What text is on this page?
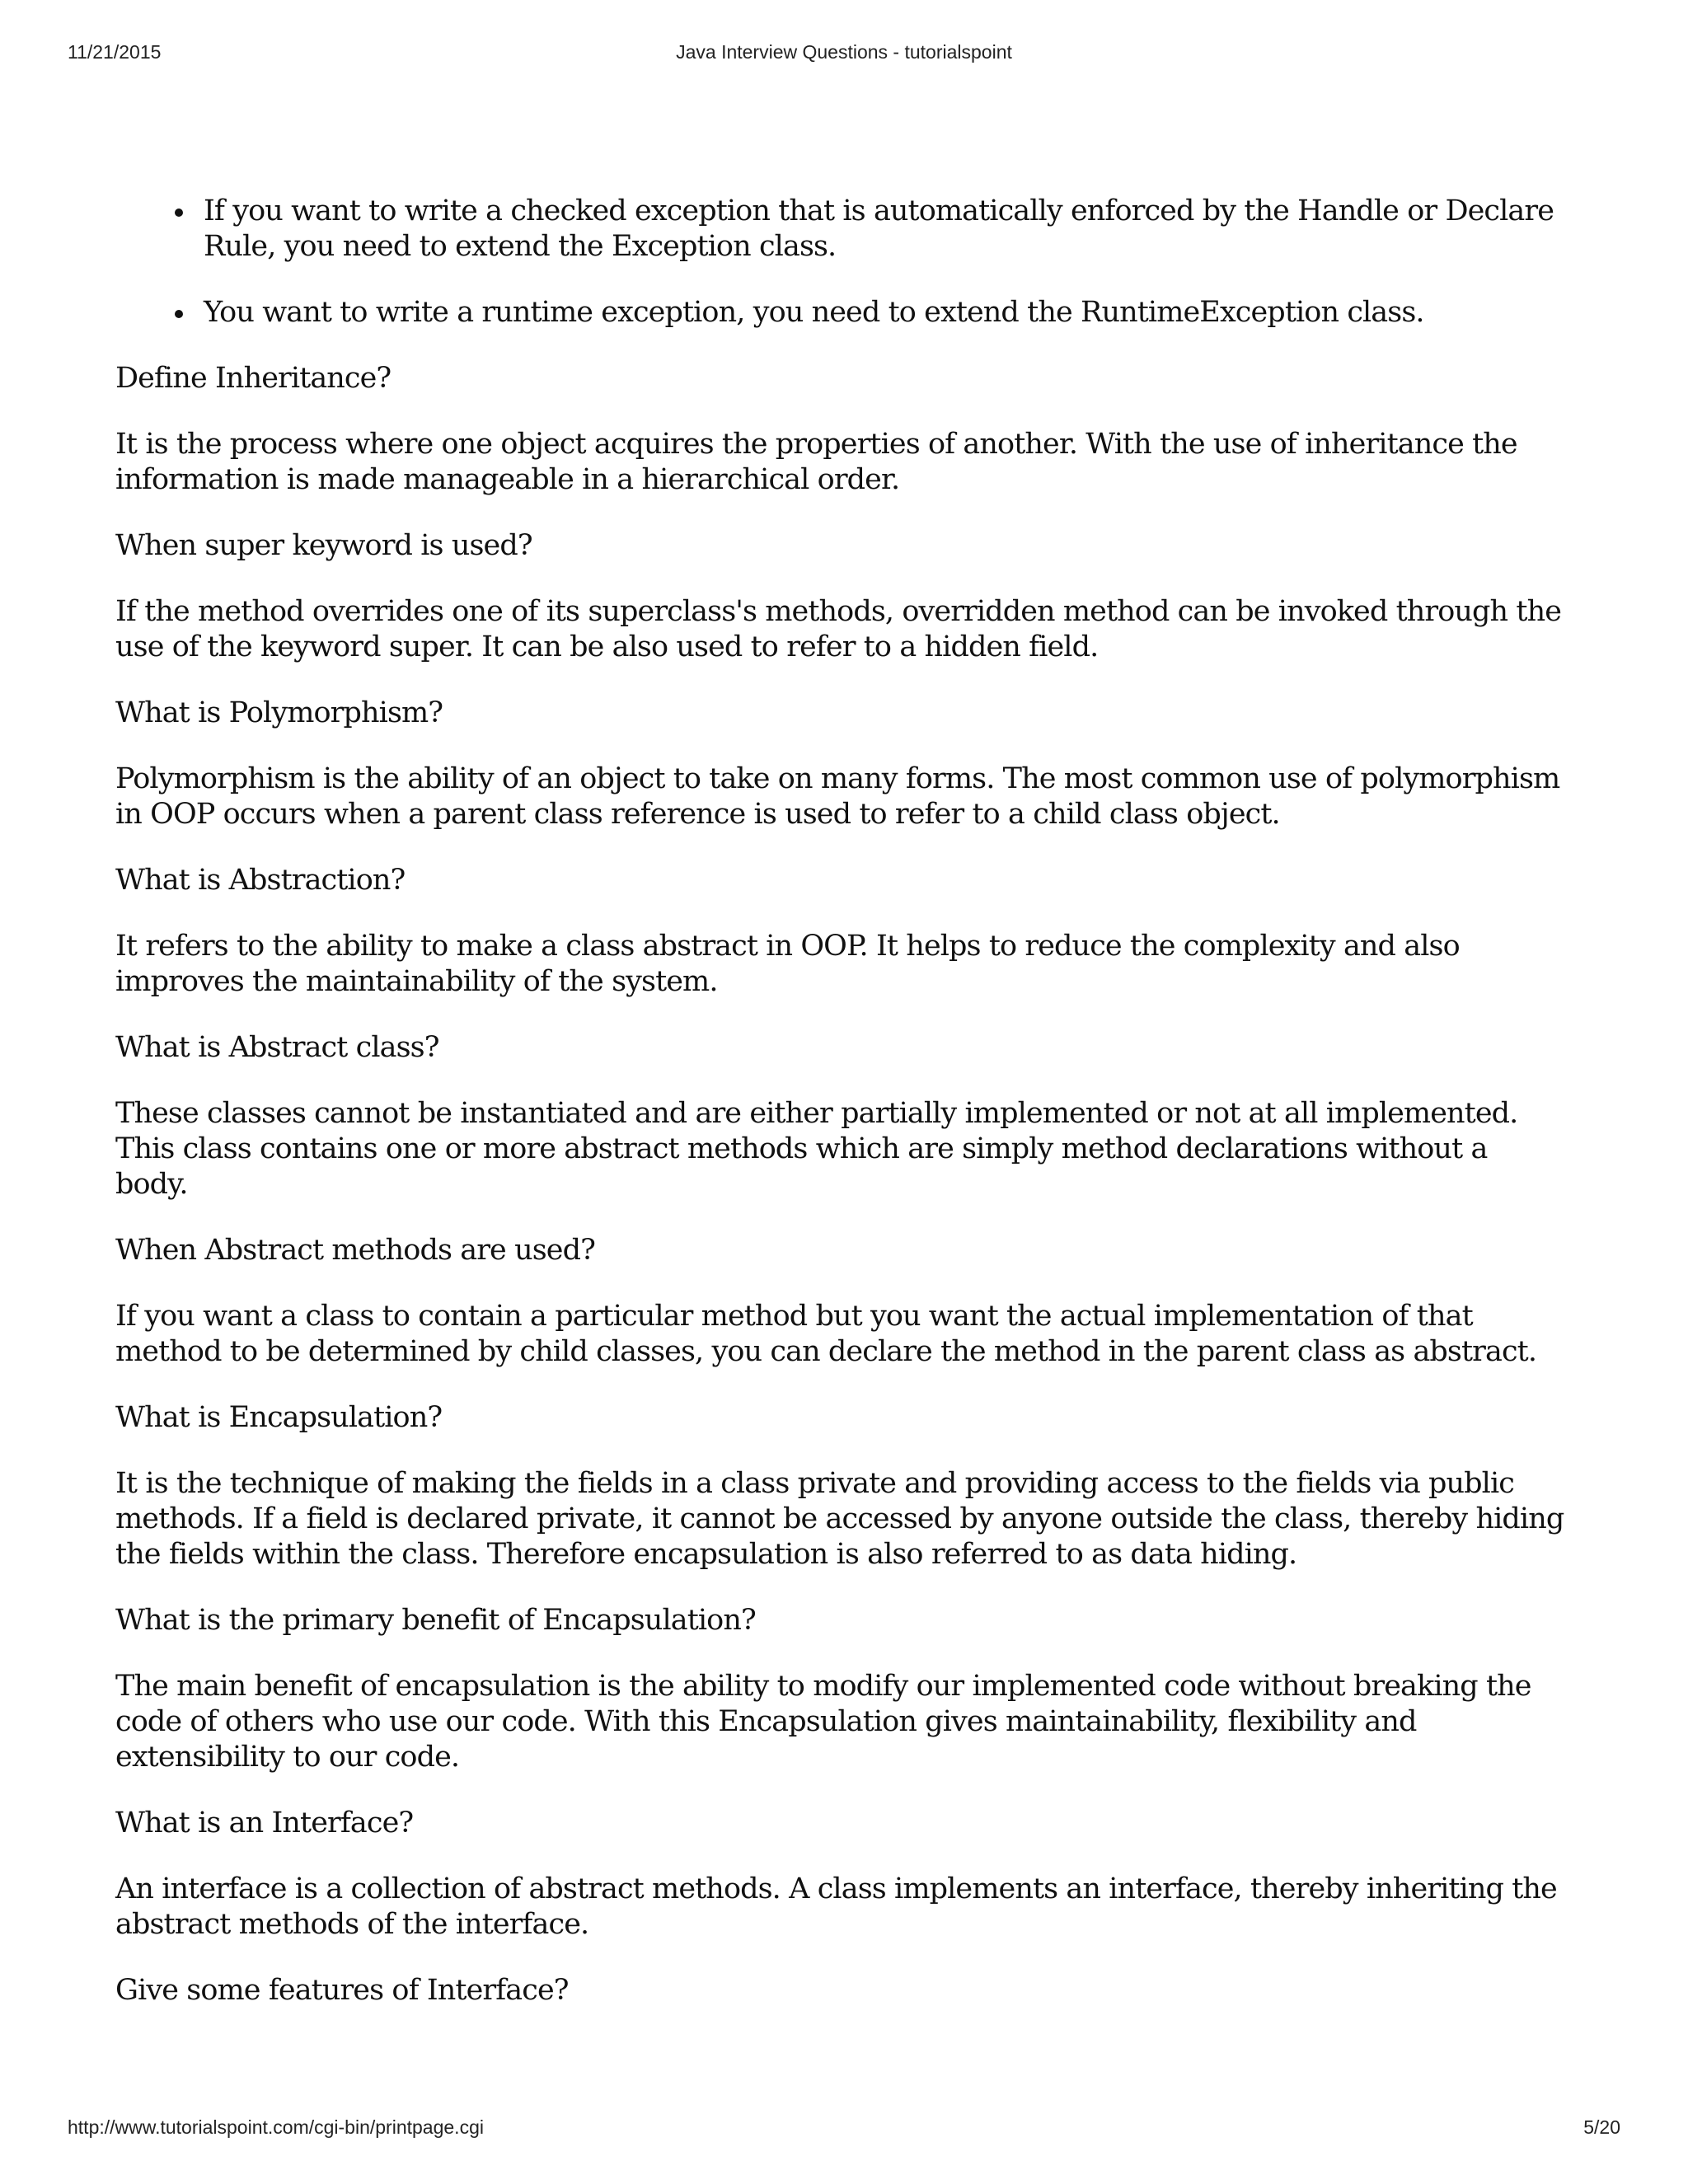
11/21/2015	Java Interview Questions - tutorialspoint
If you want to write a checked exception that is automatically enforced by the Handle or Declare Rule, you need to extend the Exception class.
You want to write a runtime exception, you need to extend the RuntimeException class.

Define Inheritance?

It is the process where one object acquires the properties of another. With the use of inheritance the information is made manageable in a hierarchical order.

When super keyword is used?

If the method overrides one of its superclass's methods, overridden method can be invoked through the use of the keyword super. It can be also used to refer to a hidden field.

What is Polymorphism?

Polymorphism is the ability of an object to take on many forms. The most common use of polymorphism in OOP occurs when a parent class reference is used to refer to a child class object.

What is Abstraction?

It refers to the ability to make a class abstract in OOP. It helps to reduce the complexity and also improves the maintainability of the system.

What is Abstract class?

These classes cannot be instantiated and are either partially implemented or not at all implemented. This class contains one or more abstract methods which are simply method declarations without a body.

When Abstract methods are used?

If you want a class to contain a particular method but you want the actual implementation of that method to be determined by child classes, you can declare the method in the parent class as abstract.

What is Encapsulation?

It is the technique of making the fields in a class private and providing access to the fields via public methods. If a field is declared private, it cannot be accessed by anyone outside the class, thereby hiding the fields within the class. Therefore encapsulation is also referred to as data hiding.

What is the primary benefit of Encapsulation?

The main benefit of encapsulation is the ability to modify our implemented code without breaking the code of others who use our code. With this Encapsulation gives maintainability, flexibility and extensibility to our code.

What is an Interface?

An interface is a collection of abstract methods. A class implements an interface, thereby inheriting the abstract methods of the interface.

Give some features of Interface?

http://www.tutorialspoint.com/cgi-bin/printpage.cgi	5/20
